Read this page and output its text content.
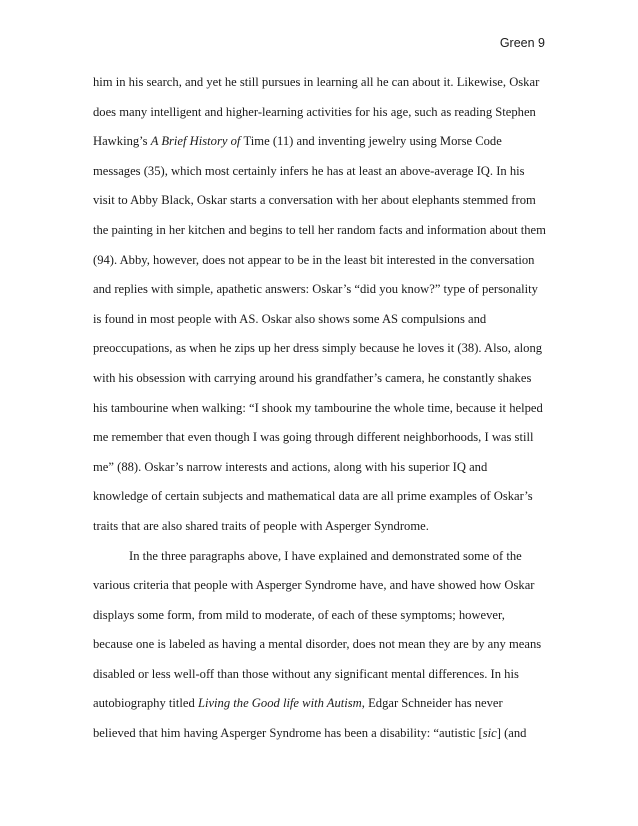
Green 9
him in his search, and yet he still pursues in learning all he can about it. Likewise, Oskar
does many intelligent and higher-learning activities for his age, such as reading Stephen
Hawking’s A Brief History of Time (11) and inventing jewelry using Morse Code
messages (35), which most certainly infers he has at least an above-average IQ. In his
visit to Abby Black, Oskar starts a conversation with her about elephants stemmed from
the painting in her kitchen and begins to tell her random facts and information about them
(94). Abby, however, does not appear to be in the least bit interested in the conversation
and replies with simple, apathetic answers: Oskar’s “did you know?” type of personality
is found in most people with AS. Oskar also shows some AS compulsions and
preoccupations, as when he zips up her dress simply because he loves it (38). Also, along
with his obsession with carrying around his grandfather’s camera, he constantly shakes
his tambourine when walking: “I shook my tambourine the whole time, because it helped
me remember that even though I was going through different neighborhoods, I was still
me” (88). Oskar’s narrow interests and actions, along with his superior IQ and
knowledge of certain subjects and mathematical data are all prime examples of Oskar’s
traits that are also shared traits of people with Asperger Syndrome.
In the three paragraphs above, I have explained and demonstrated some of the
various criteria that people with Asperger Syndrome have, and have showed how Oskar
displays some form, from mild to moderate, of each of these symptoms; however,
because one is labeled as having a mental disorder, does not mean they are by any means
disabled or less well-off than those without any significant mental differences. In his
autobiography titled Living the Good life with Autism, Edgar Schneider has never
believed that him having Asperger Syndrome has been a disability: “autistic [sic] (and
